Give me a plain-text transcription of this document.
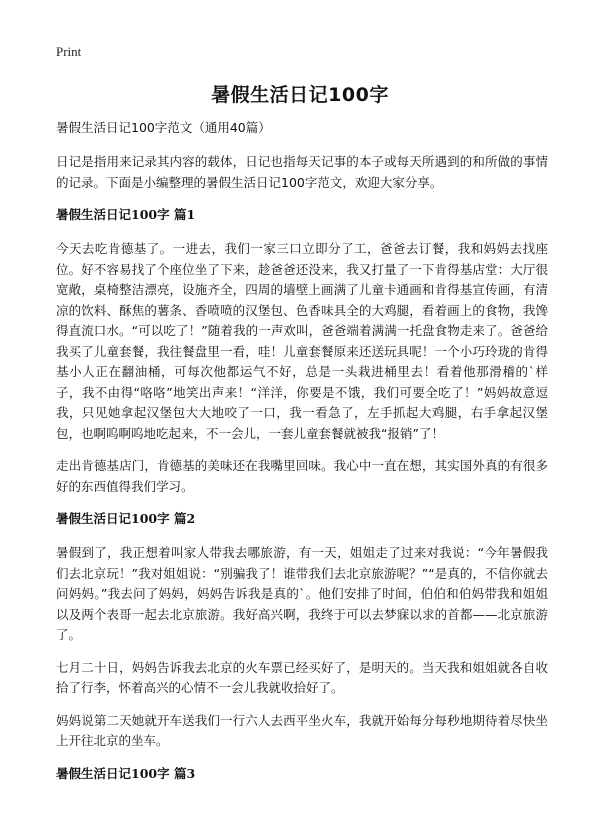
Print
暑假生活日记100字

暑假生活日记100字范文（通用40篇）

日记是指用来记录其内容的载体，日记也指每天记事的本子或每天所遇到的和所做的事情的记录。下面是小编整理的暑假生活日记100字范文，欢迎大家分享。

暑假生活日记100字 篇1

今天去吃肯德基了。一进去，我们一家三口立即分了工，爸爸去订餐，我和妈妈去找座位。好不容易找了个座位坐了下来，趁爸爸还没来，我又打量了一下肯得基店堂：大厅很宽敞，桌椅整洁漂亮，设施齐全，四周的墙壁上画满了儿童卡通画和肯得基宣传画，有清凉的饮料、酥焦的薯条、香喷喷的汉堡包、色香味具全的大鸡腿，看着画上的食物，我馋得直流口水。“可以吃了！”随着我的一声欢叫，爸爸端着满满一托盘食物走来了。爸爸给我买了儿童套餐，我往餐盘里一看，哇！儿童套餐原来还送玩具呢！一个小巧玲珑的肯得基小人正在翻油桶，可每次他都运气不好，总是一头栽进桶里去！看着他那滑稽的`样子，我不由得“咯咯”地笑出声来！“洋洋，你要是不饿，我们可要全吃了！”妈妈故意逗我，只见她拿起汉堡包大大地咬了一口，我一看急了，左手抓起大鸡腿，右手拿起汉堡包，也啊呜啊呜地吃起来，不一会儿，一套儿童套餐就被我“报销”了！

走出肯德基店门，肯德基的美味还在我嘴里回味。我心中一直在想，其实国外真的有很多好的东西值得我们学习。

暑假生活日记100字 篇2

暑假到了，我正想着叫家人带我去哪旅游，有一天，姐姐走了过来对我说：“今年暑假我们去北京玩！”我对姐姐说：“别骗我了！谁带我们去北京旅游呢？”“是真的，不信你就去问妈妈。”我去问了妈妈，妈妈告诉我是真的`。他们安排了时间，伯伯和伯妈带我和姐姐以及两个表哥一起去北京旅游。我好高兴啊，我终于可以去梦寐以求的首都——北京旅游了。

七月二十日，妈妈告诉我去北京的火车票已经买好了，是明天的。当天我和姐姐就各自收拾了行李，怀着高兴的心情不一会儿我就收拾好了。

妈妈说第二天她就开车送我们一行六人去西平坐火车，我就开始每分每秒地期待着尽快坐上开往北京的坐车。

暑假生活日记100字 篇3
